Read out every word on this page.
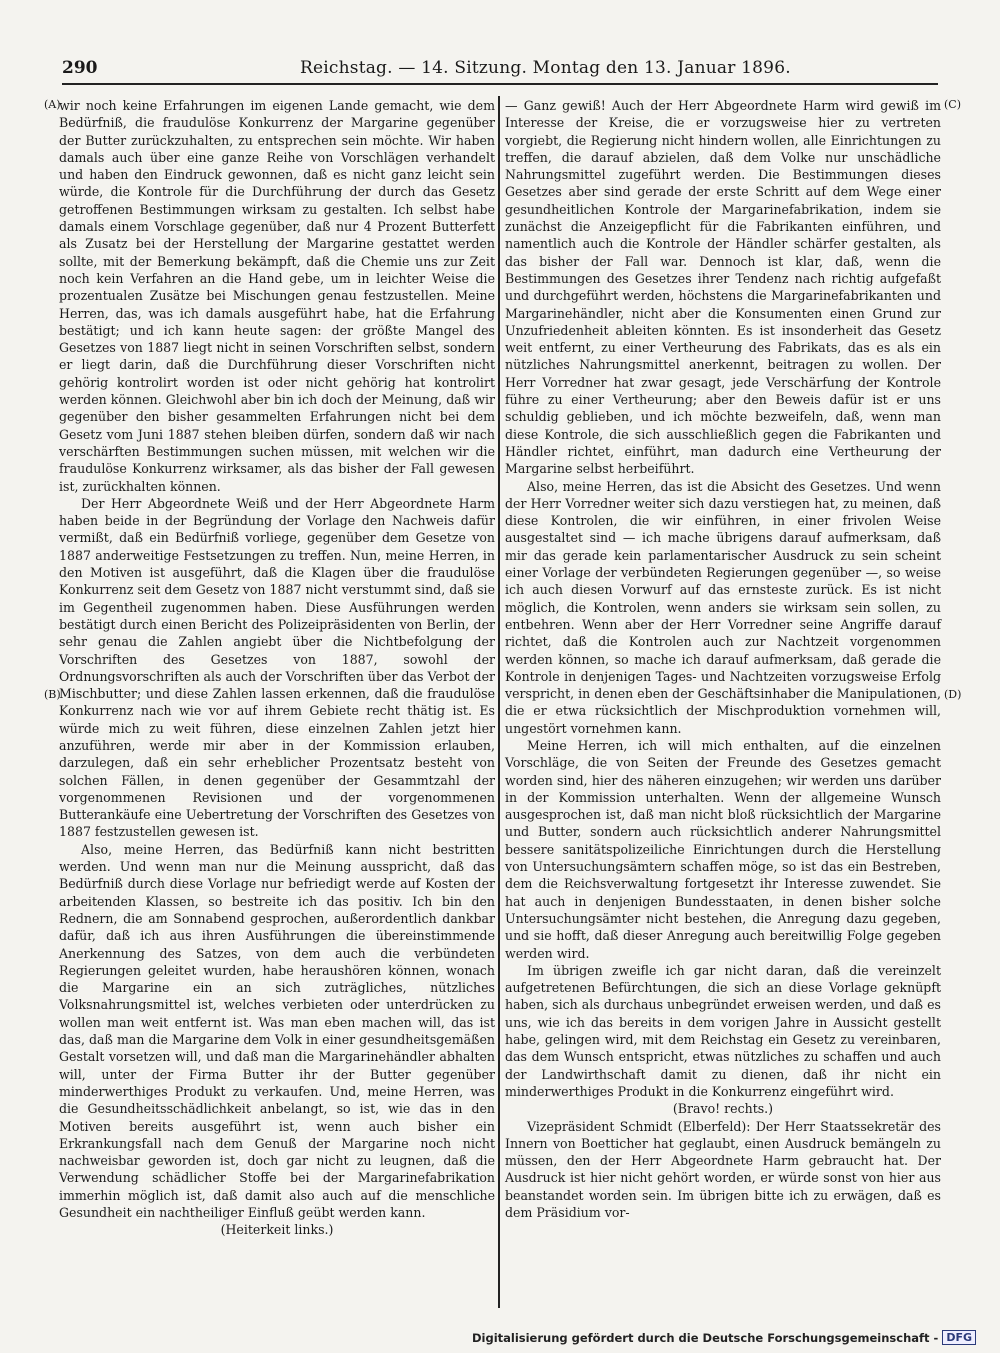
290	Reichstag. — 14. Sitzung. Montag den 13. Januar 1896.
(A)
(B)
(C)
(D)

wir noch keine Erfahrungen im eigenen Lande gemacht, wie dem Bedürfniß, die fraudulöse Konkurrenz der Margarine gegenüber der Butter zurückzuhalten, zu entsprechen sein möchte. Wir haben damals auch über eine ganze Reihe von Vorschlägen verhandelt und haben den Eindruck gewonnen, daß es nicht ganz leicht sein würde, die Kontrole für die Durchführung der durch das Gesetz getroffenen Bestimmungen wirksam zu gestalten. Ich selbst habe damals einem Vorschlage gegenüber, daß nur 4 Prozent Butterfett als Zusatz bei der Herstellung der Margarine gestattet werden sollte, mit der Bemerkung bekämpft, daß die Chemie uns zur Zeit noch kein Verfahren an die Hand gebe, um in leichter Weise die prozentualen Zusätze bei Mischungen genau festzustellen. Meine Herren, das, was ich damals ausgeführt habe, hat die Erfahrung bestätigt; und ich kann heute sagen: der größte Mangel des Gesetzes von 1887 liegt nicht in seinen Vorschriften selbst, sondern er liegt darin, daß die Durchführung dieser Vorschriften nicht gehörig kontrolirt worden ist oder nicht gehörig hat kontrolirt werden können. Gleichwohl aber bin ich doch der Meinung, daß wir gegenüber den bisher gesammelten Erfahrungen nicht bei dem Gesetz vom Juni 1887 stehen bleiben dürfen, sondern daß wir nach verschärften Bestimmungen suchen müssen, mit welchen wir die fraudulöse Konkurrenz wirksamer, als das bisher der Fall gewesen ist, zurückhalten können.

Der Herr Abgeordnete Weiß und der Herr Abgeordnete Harm haben beide in der Begründung der Vorlage den Nachweis dafür vermißt, daß ein Bedürfniß vorliege, gegenüber dem Gesetze von 1887 anderweitige Festsetzungen zu treffen. Nun, meine Herren, in den Motiven ist ausgeführt, daß die Klagen über die fraudulöse Konkurrenz seit dem Gesetz von 1887 nicht verstummt sind, daß sie im Gegentheil zugenommen haben. Diese Ausführungen werden bestätigt durch einen Bericht des Polizeipräsidenten von Berlin, der sehr genau die Zahlen angiebt über die Nichtbefolgung der Vorschriften des Gesetzes von 1887, sowohl der Ordnungsvorschriften als auch der Vorschriften über das Verbot der Mischbutter; und diese Zahlen lassen erkennen, daß die fraudulöse Konkurrenz nach wie vor auf ihrem Gebiete recht thätig ist. Es würde mich zu weit führen, diese einzelnen Zahlen jetzt hier anzuführen, werde mir aber in der Kommission erlauben, darzulegen, daß ein sehr erheblicher Prozentsatz besteht von solchen Fällen, in denen gegenüber der Gesammtzahl der vorgenommenen Revisionen und der vorgenommenen Butterankäufe eine Uebertretung der Vorschriften des Gesetzes von 1887 festzustellen gewesen ist.

Also, meine Herren, das Bedürfniß kann nicht bestritten werden. Und wenn man nur die Meinung ausspricht, daß das Bedürfniß durch diese Vorlage nur befriedigt werde auf Kosten der arbeitenden Klassen, so bestreite ich das positiv. Ich bin den Rednern, die am Sonnabend gesprochen, außerordentlich dankbar dafür, daß ich aus ihren Ausführungen die übereinstimmende Anerkennung des Satzes, von dem auch die verbündeten Regierungen geleitet wurden, habe heraushören können, wonach die Margarine ein an sich zuträgliches, nützliches Volksnahrungsmittel ist, welches verbieten oder unterdrücken zu wollen man weit entfernt ist. Was man eben machen will, das ist das, daß man die Margarine dem Volk in einer gesundheitsgemäßen Gestalt vorsetzen will, und daß man die Margarinehändler abhalten will, unter der Firma Butter ihr der Butter gegenüber minderwerthiges Produkt zu verkaufen. Und, meine Herren, was die Gesundheitsschädlichkeit anbelangt, so ist, wie das in den Motiven bereits ausgeführt ist, wenn auch bisher ein Erkrankungsfall nach dem Genuß der Margarine noch nicht nachweisbar geworden ist, doch gar nicht zu leugnen, daß die Verwendung schädlicher Stoffe bei der Margarinefabrikation immerhin möglich ist, daß damit also auch auf die menschliche Gesundheit ein nachtheiliger Einfluß geübt werden kann.

(Heiterkeit links.)

— Ganz gewiß! Auch der Herr Abgeordnete Harm wird gewiß im Interesse der Kreise, die er vorzugsweise hier zu vertreten vorgiebt, die Regierung nicht hindern wollen, alle Einrichtungen zu treffen, die darauf abzielen, daß dem Volke nur unschädliche Nahrungsmittel zugeführt werden. Die Bestimmungen dieses Gesetzes aber sind gerade der erste Schritt auf dem Wege einer gesundheitlichen Kontrole der Margarinefabrikation, indem sie zunächst die Anzeigepflicht für die Fabrikanten einführen, und namentlich auch die Kontrole der Händler schärfer gestalten, als das bisher der Fall war. Dennoch ist klar, daß, wenn die Bestimmungen des Gesetzes ihrer Tendenz nach richtig aufgefaßt und durchgeführt werden, höchstens die Margarinefabrikanten und Margarinehändler, nicht aber die Konsumenten einen Grund zur Unzufriedenheit ableiten könnten. Es ist insonderheit das Gesetz weit entfernt, zu einer Vertheurung des Fabrikats, das es als ein nützliches Nahrungsmittel anerkennt, beitragen zu wollen. Der Herr Vorredner hat zwar gesagt, jede Verschärfung der Kontrole führe zu einer Vertheurung; aber den Beweis dafür ist er uns schuldig geblieben, und ich möchte bezweifeln, daß, wenn man diese Kontrole, die sich ausschließlich gegen die Fabrikanten und Händler richtet, einführt, man dadurch eine Vertheurung der Margarine selbst herbeiführt.

Also, meine Herren, das ist die Absicht des Gesetzes. Und wenn der Herr Vorredner weiter sich dazu verstiegen hat, zu meinen, daß diese Kontrolen, die wir einführen, in einer frivolen Weise ausgestaltet sind — ich mache übrigens darauf aufmerksam, daß mir das gerade kein parlamentarischer Ausdruck zu sein scheint einer Vorlage der verbündeten Regierungen gegenüber —, so weise ich auch diesen Vorwurf auf das ernsteste zurück. Es ist nicht möglich, die Kontrolen, wenn anders sie wirksam sein sollen, zu entbehren. Wenn aber der Herr Vorredner seine Angriffe darauf richtet, daß die Kontrolen auch zur Nachtzeit vorgenommen werden können, so mache ich darauf aufmerksam, daß gerade die Kontrole in denjenigen Tages- und Nachtzeiten vorzugsweise Erfolg verspricht, in denen eben der Geschäftsinhaber die Manipulationen, die er etwa rücksichtlich der Mischproduktion vornehmen will, ungestört vornehmen kann.

Meine Herren, ich will mich enthalten, auf die einzelnen Vorschläge, die von Seiten der Freunde des Gesetzes gemacht worden sind, hier des näheren einzugehen; wir werden uns darüber in der Kommission unterhalten. Wenn der allgemeine Wunsch ausgesprochen ist, daß man nicht bloß rücksichtlich der Margarine und Butter, sondern auch rücksichtlich anderer Nahrungsmittel bessere sanitätspolizeiliche Einrichtungen durch die Herstellung von Untersuchungsämtern schaffen möge, so ist das ein Bestreben, dem die Reichsverwaltung fortgesetzt ihr Interesse zuwendet. Sie hat auch in denjenigen Bundesstaaten, in denen bisher solche Untersuchungsämter nicht bestehen, die Anregung dazu gegeben, und sie hofft, daß dieser Anregung auch bereitwillig Folge gegeben werden wird.

Im übrigen zweifle ich gar nicht daran, daß die vereinzelt aufgetretenen Befürchtungen, die sich an diese Vorlage geknüpft haben, sich als durchaus unbegründet erweisen werden, und daß es uns, wie ich das bereits in dem vorigen Jahre in Aussicht gestellt habe, gelingen wird, mit dem Reichstag ein Gesetz zu vereinbaren, das dem Wunsch entspricht, etwas nützliches zu schaffen und auch der Landwirthschaft damit zu dienen, daß ihr nicht ein minderwerthiges Produkt in die Konkurrenz eingeführt wird.

(Bravo! rechts.)

Vizepräsident Schmidt (Elberfeld): Der Herr Staatssekretär des Innern von Boetticher hat geglaubt, einen Ausdruck bemängeln zu müssen, den der Herr Abgeordnete Harm gebraucht hat. Der Ausdruck ist hier nicht gehört worden, er würde sonst von hier aus beanstandet worden sein. Im übrigen bitte ich zu erwägen, daß es dem Präsidium vor-

Digitalisierung gefördert durch die Deutsche Forschungsgemeinschaft - DFG
